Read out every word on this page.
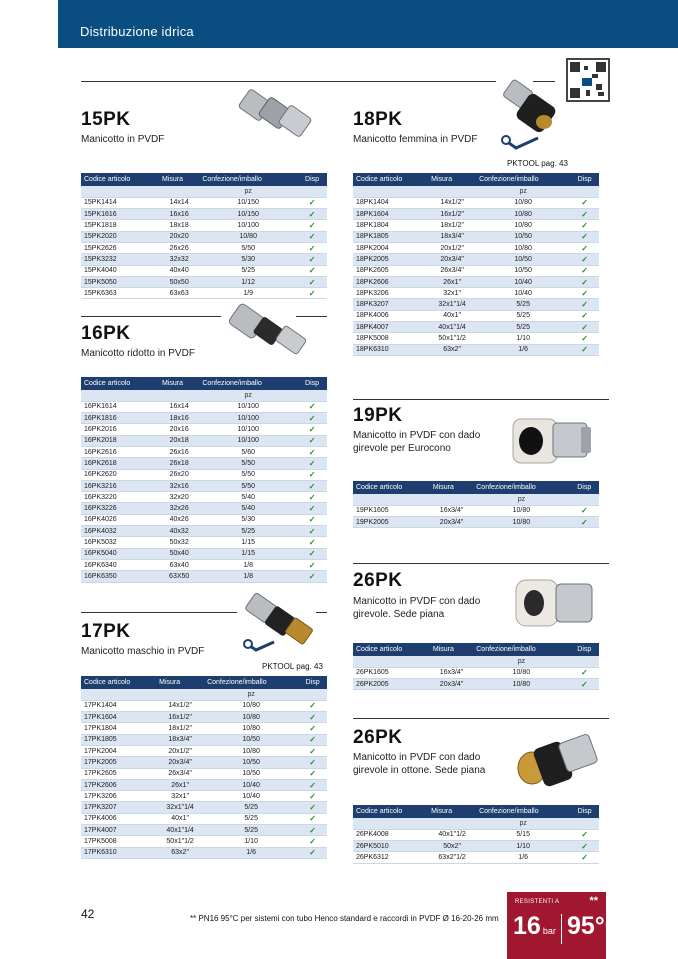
Distribuzione idrica
15PK
Manicotto in PVDF
Codice articolo	Misura	Confezione/imballo	Disp
		pz	
15PK1414	14x14	10/150	✓
15PK1616	16x16	10/150	✓
15PK1818	18x18	10/100	✓
15PK2020	20x20	10/80	✓
15PK2626	26x26	5/50	✓
15PK3232	32x32	5/30	✓
15PK4040	40x40	5/25	✓
15PK5050	50x50	1/12	✓
15PK6363	63x63	1/9	✓
16PK
Manicotto ridotto in PVDF
Codice articolo	Misura	Confezione/imballo	Disp
		pz	
16PK1614	16x14	10/100	✓
16PK1816	18x16	10/100	✓
16PK2016	20x16	10/100	✓
16PK2018	20x18	10/100	✓
16PK2616	26x16	5/60	✓
16PK2618	26x18	5/50	✓
16PK2620	26x20	5/50	✓
16PK3216	32x16	5/50	✓
16PK3220	32x20	5/40	✓
16PK3226	32x26	5/40	✓
16PK4026	40x26	5/30	✓
16PK4032	40x32	5/25	✓
16PK5032	50x32	1/15	✓
16PK5040	50x40	1/15	✓
16PK6340	63x40	1/8	✓
16PK6350	63X50	1/8	✓
17PK
Manicotto maschio in PVDF
PKTOOL pag. 43
Codice articolo	Misura	Confezione/imballo	Disp
		pz	
17PK1404	14x1/2"	10/80	✓
17PK1604	16x1/2"	10/80	✓
17PK1804	18x1/2"	10/80	✓
17PK1805	18x3/4"	10/50	✓
17PK2004	20x1/2"	10/80	✓
17PK2005	20x3/4"	10/50	✓
17PK2605	26x3/4"	10/50	✓
17PK2606	26x1"	10/40	✓
17PK3206	32x1"	10/40	✓
17PK3207	32x1"1/4	5/25	✓
17PK4006	40x1"	5/25	✓
17PK4007	40x1"1/4	5/25	✓
17PK5008	50x1"1/2	1/10	✓
17PK6310	63x2"	1/6	✓
18PK
Manicotto femmina in PVDF
PKTOOL pag. 43
Codice articolo	Misura	Confezione/imballo	Disp
		pz	
18PK1404	14x1/2"	10/80	✓
18PK1604	16x1/2"	10/80	✓
18PK1804	18x1/2"	10/80	✓
18PK1805	18x3/4"	10/50	✓
18PK2004	20x1/2"	10/80	✓
18PK2005	20x3/4"	10/50	✓
18PK2605	26x3/4"	10/50	✓
18PK2606	26x1"	10/40	✓
18PK3206	32x1"	10/40	✓
18PK3207	32x1"1/4	5/25	✓
18PK4006	40x1"	5/25	✓
18PK4007	40x1"1/4	5/25	✓
18PK5008	50x1"1/2	1/10	✓
18PK6310	63x2"	1/6	✓
19PK
Manicotto in PVDF con dado girevole per Eurocono
Codice articolo	Misura	Confezione/imballo	Disp
		pz	
19PK1605	16x3/4"	10/80	✓
19PK2005	20x3/4"	10/80	✓
26PK
Manicotto in PVDF con dado girevole. Sede piana
Codice articolo	Misura	Confezione/imballo	Disp
		pz	
26PK1605	16x3/4"	10/80	✓
26PK2005	20x3/4"	10/80	✓
26PK
Manicotto in PVDF con dado girevole in ottone. Sede piana
Codice articolo	Misura	Confezione/imballo	Disp
		pz	
26PK4008	40x1"1/2	5/15	✓
26PK5010	50x2"	1/10	✓
26PK6312	63x2"1/2	1/6	✓
42	** PN16 95°C per sistemi con tubo Henco standard e raccordi in PVDF Ø 16-20-26 mm
RESISTENTI A	**
16 bar 95°C
